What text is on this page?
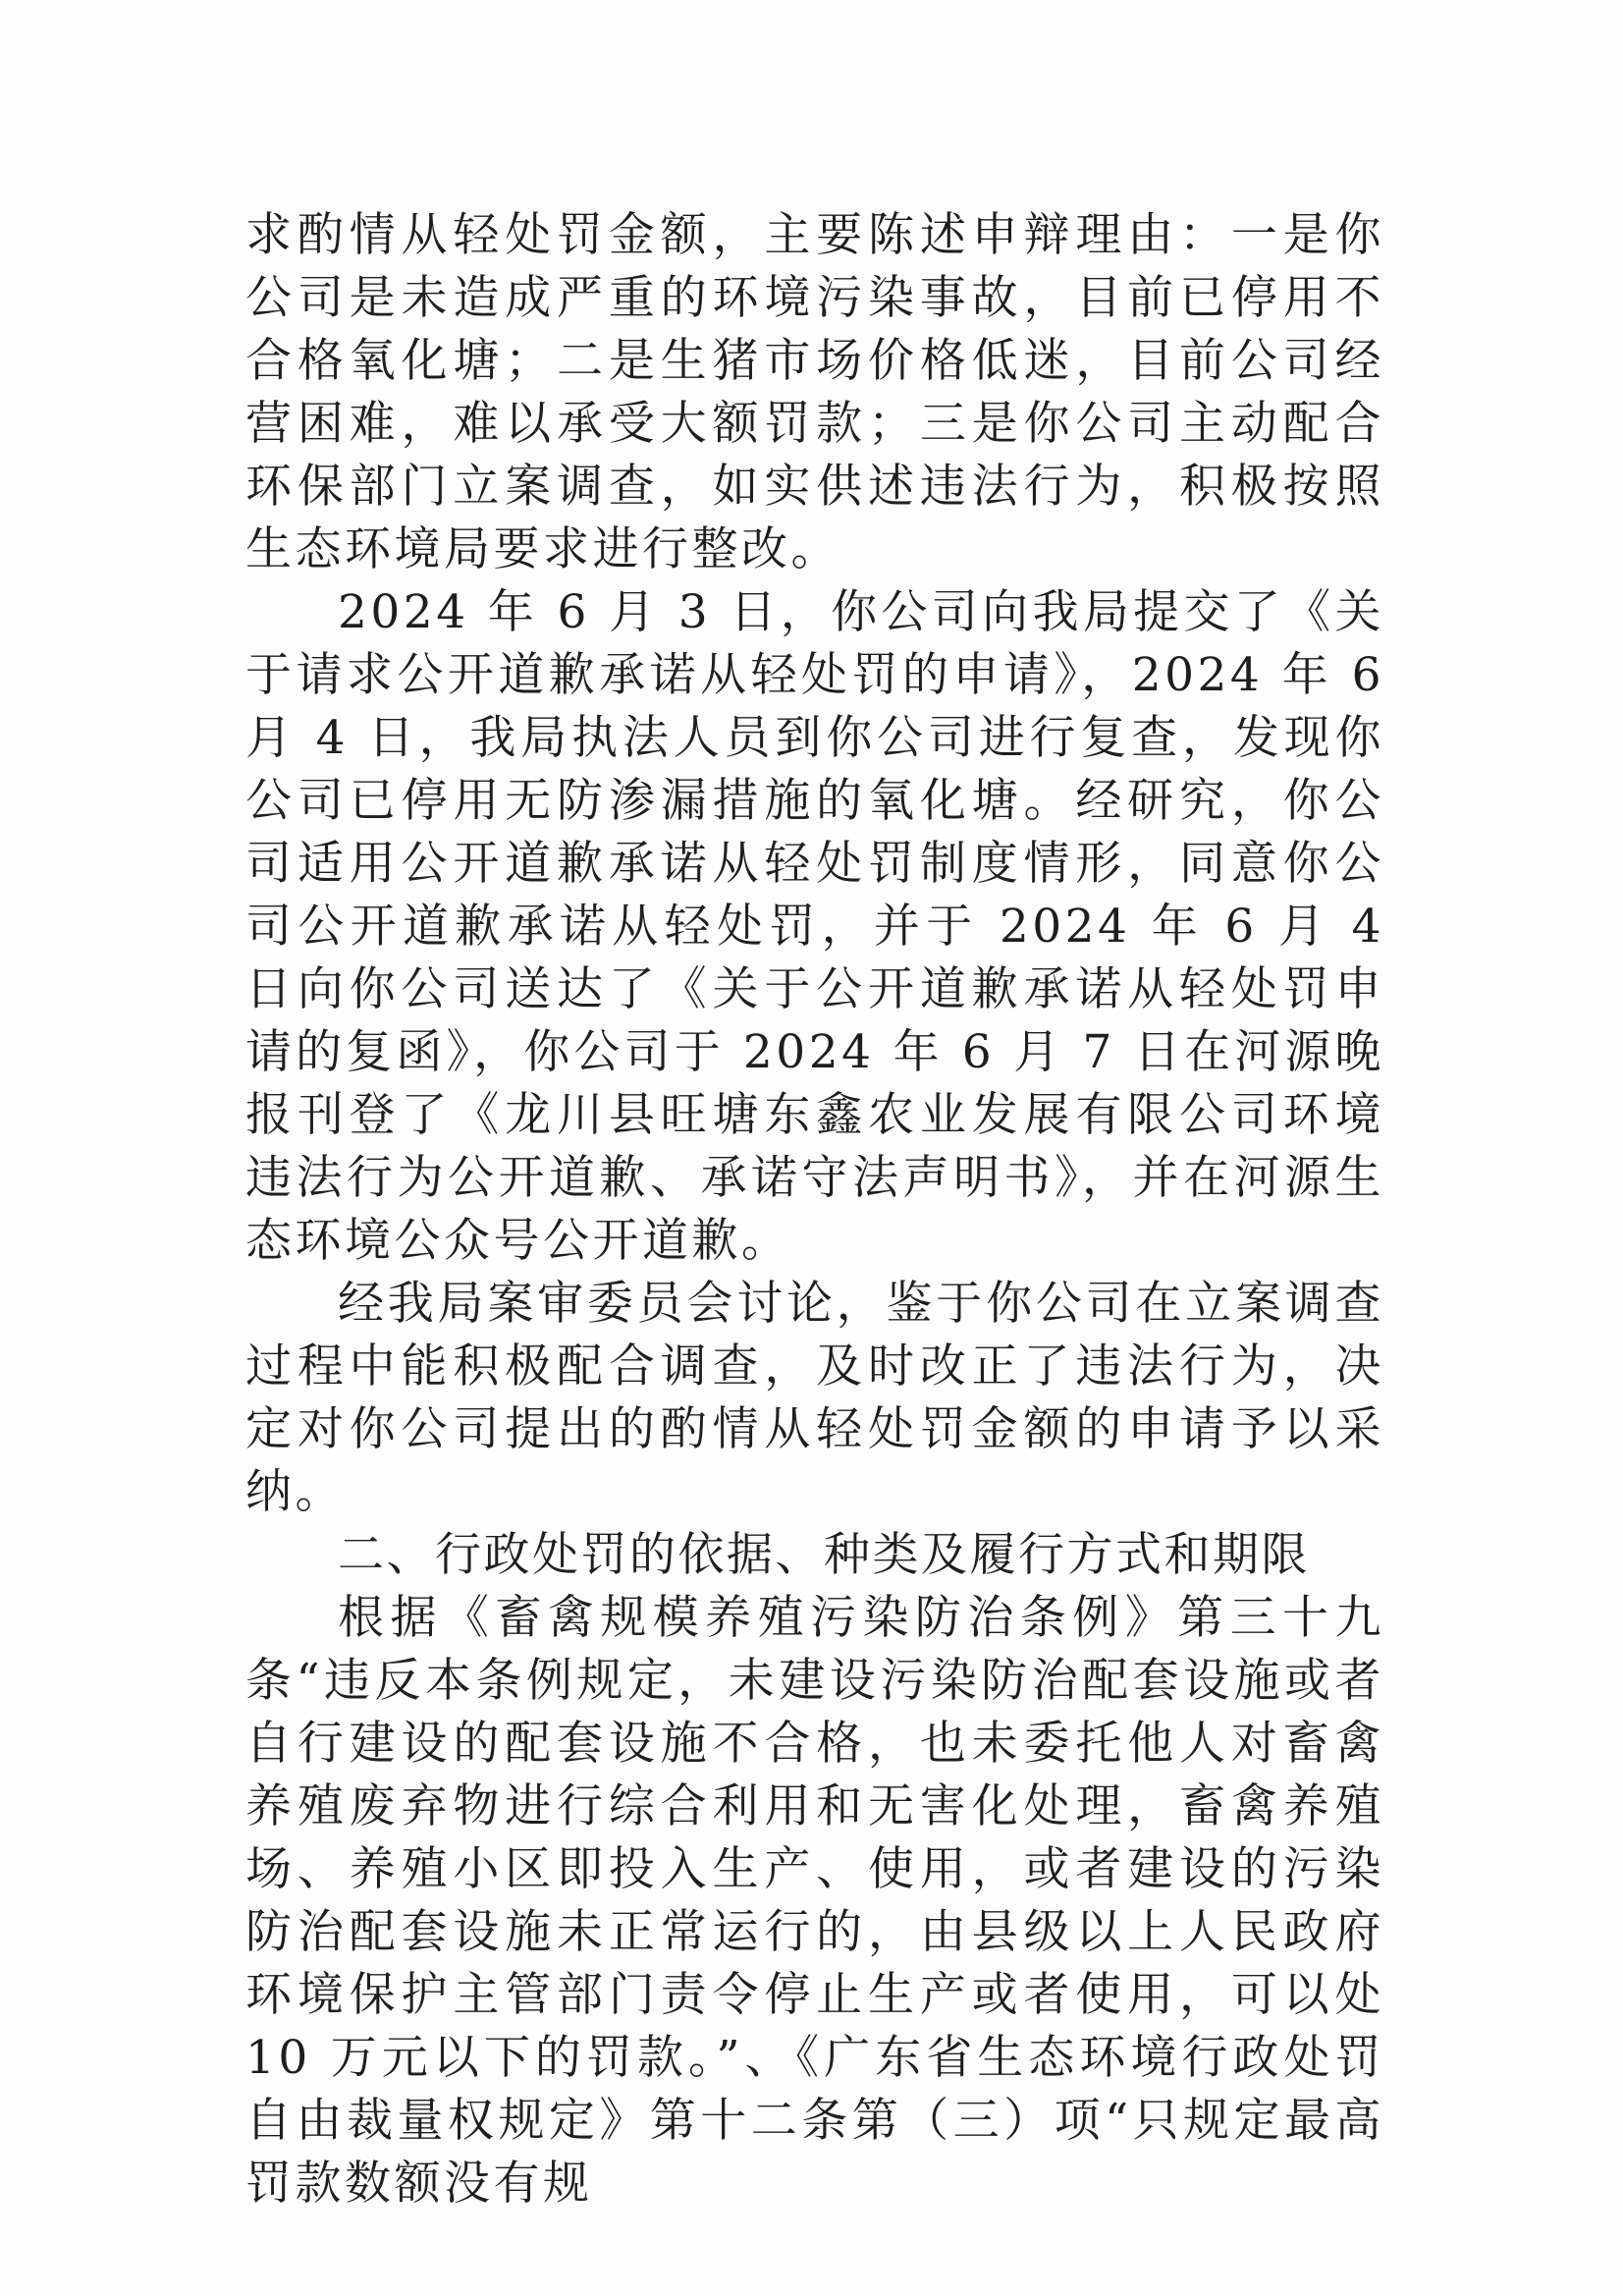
求酌情从轻处罚金额，主要陈述申辩理由：一是你公司是未造成严重的环境污染事故，目前已停用不合格氧化塘；二是生猪市场价格低迷，目前公司经营困难，难以承受大额罚款；三是你公司主动配合环保部门立案调查，如实供述违法行为，积极按照生态环境局要求进行整改。

2024 年 6 月 3 日，你公司向我局提交了《关于请求公开道歉承诺从轻处罚的申请》，2024 年 6 月 4 日，我局执法人员到你公司进行复查，发现你公司已停用无防渗漏措施的氧化塘。经研究，你公司适用公开道歉承诺从轻处罚制度情形，同意你公司公开道歉承诺从轻处罚，并于 2024 年 6 月 4 日向你公司送达了《关于公开道歉承诺从轻处罚申请的复函》，你公司于 2024 年 6 月 7 日在河源晚报刊登了《龙川县旺塘东鑫农业发展有限公司环境违法行为公开道歉、承诺守法声明书》，并在河源生态环境公众号公开道歉。

经我局案审委员会讨论，鉴于你公司在立案调查过程中能积极配合调查，及时改正了违法行为，决定对你公司提出的酌情从轻处罚金额的申请予以采纳。

二、行政处罚的依据、种类及履行方式和期限

根据《畜禽规模养殖污染防治条例》第三十九条“违反本条例规定，未建设污染防治配套设施或者自行建设的配套设施不合格，也未委托他人对畜禽养殖废弃物进行综合利用和无害化处理，畜禽养殖场、养殖小区即投入生产、使用，或者建设的污染防治配套设施未正常运行的，由县级以上人民政府环境保护主管部门责令停止生产或者使用，可以处 10 万元以下的罚款。”、《广东省生态环境行政处罚自由裁量权规定》第十二条第（三）项“只规定最高罚款数额没有规
